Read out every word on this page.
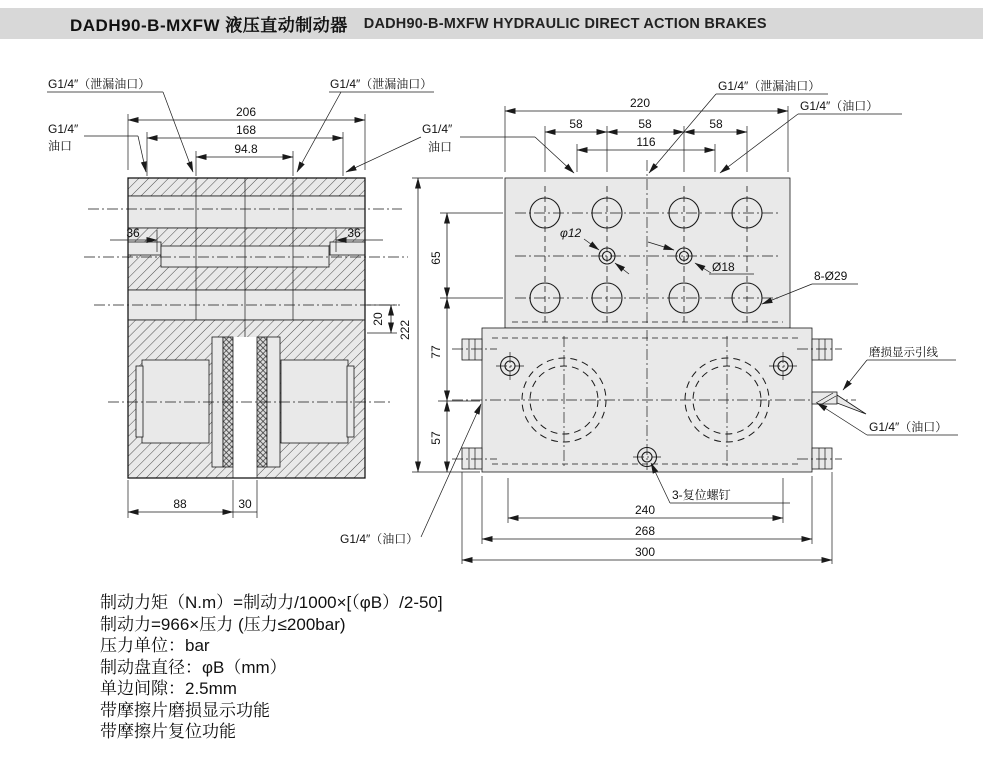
206
168
94.8
36	36
20
88	30
G1/4″（泄漏油口）	G1/4″（泄漏油口）
G1/4″
油口
220
58	58	58
116
222
65
77
57
240
268
300
G1/4″
油口
G1/4″（泄漏油口）
G1/4″（油口）
φ12
Ø18
8-Ø29
磨损显示引线
G1/4″（油口）
3-复位螺钉
G1/4″（油口）
DADH90-B-MXFW 液压直动制动器 DADH90-B-MXFW HYDRAULIC DIRECT ACTION BRAKES
制动力矩（N.m）=制动力/1000×[（φB）/2-50]
制动力=966×压力 (压力≤200bar)
压力单位：bar
制动盘直径：φB（mm）
单边间隙：2.5mm
带摩擦片磨损显示功能
带摩擦片复位功能
